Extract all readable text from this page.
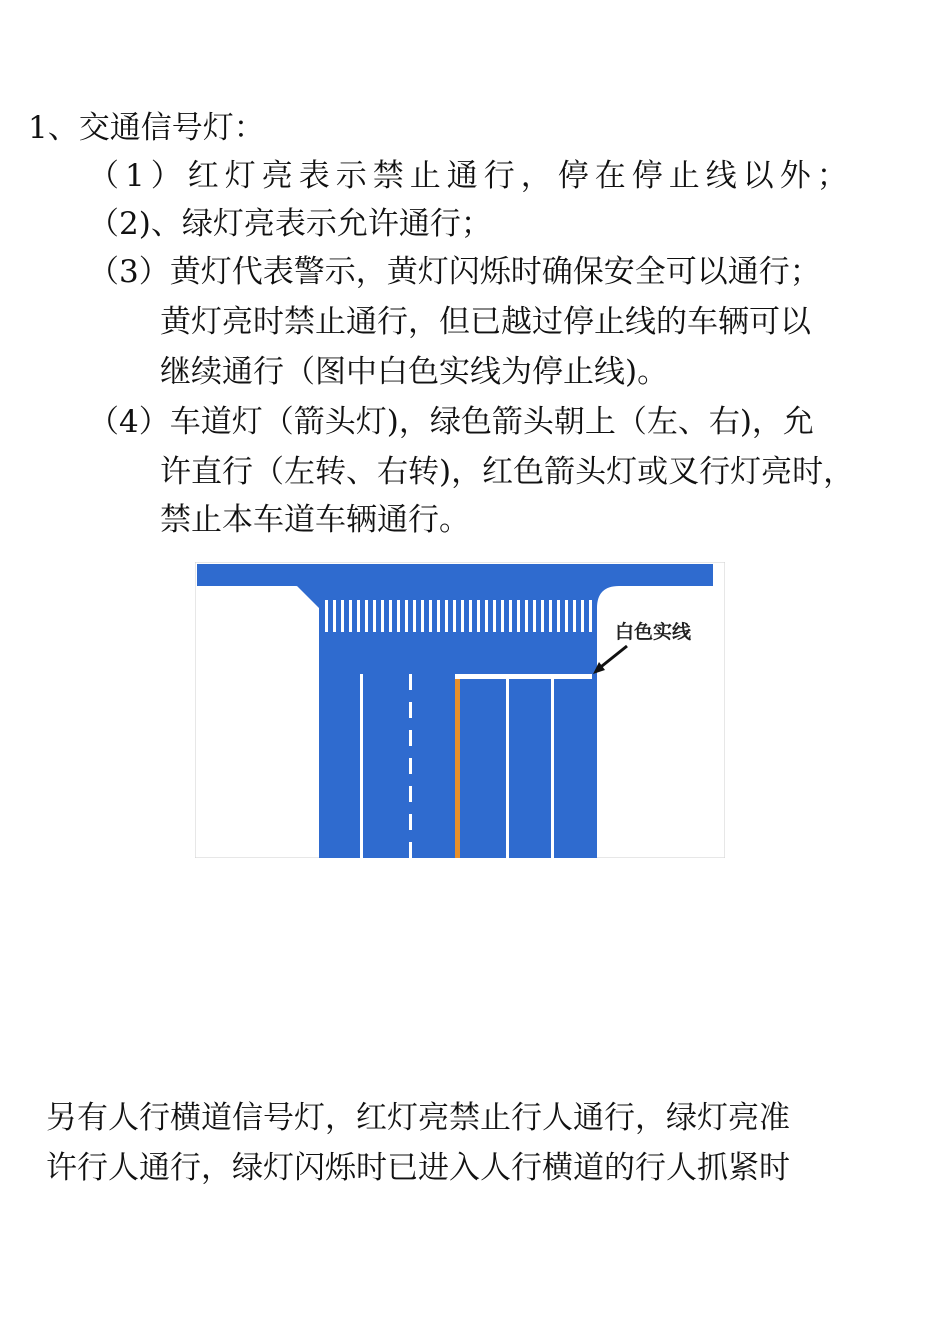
1、交通信号灯：
（1）红灯亮表示禁止通行，停在停止线以外；
（2)、绿灯亮表示允许通行；
（3）黄灯代表警示，黄灯闪烁时确保安全可以通行；
黄灯亮时禁止通行，但已越过停止线的车辆可以
继续通行（图中白色实线为停止线)。
（4）车道灯（箭头灯)，绿色箭头朝上（左、右)，允
许直行（左转、右转)，红色箭头灯或叉行灯亮时，
禁止本车道车辆通行。
白色实线
另有人行横道信号灯，红灯亮禁止行人通行，绿灯亮准
许行人通行，绿灯闪烁时已进入人行横道的行人抓紧时
